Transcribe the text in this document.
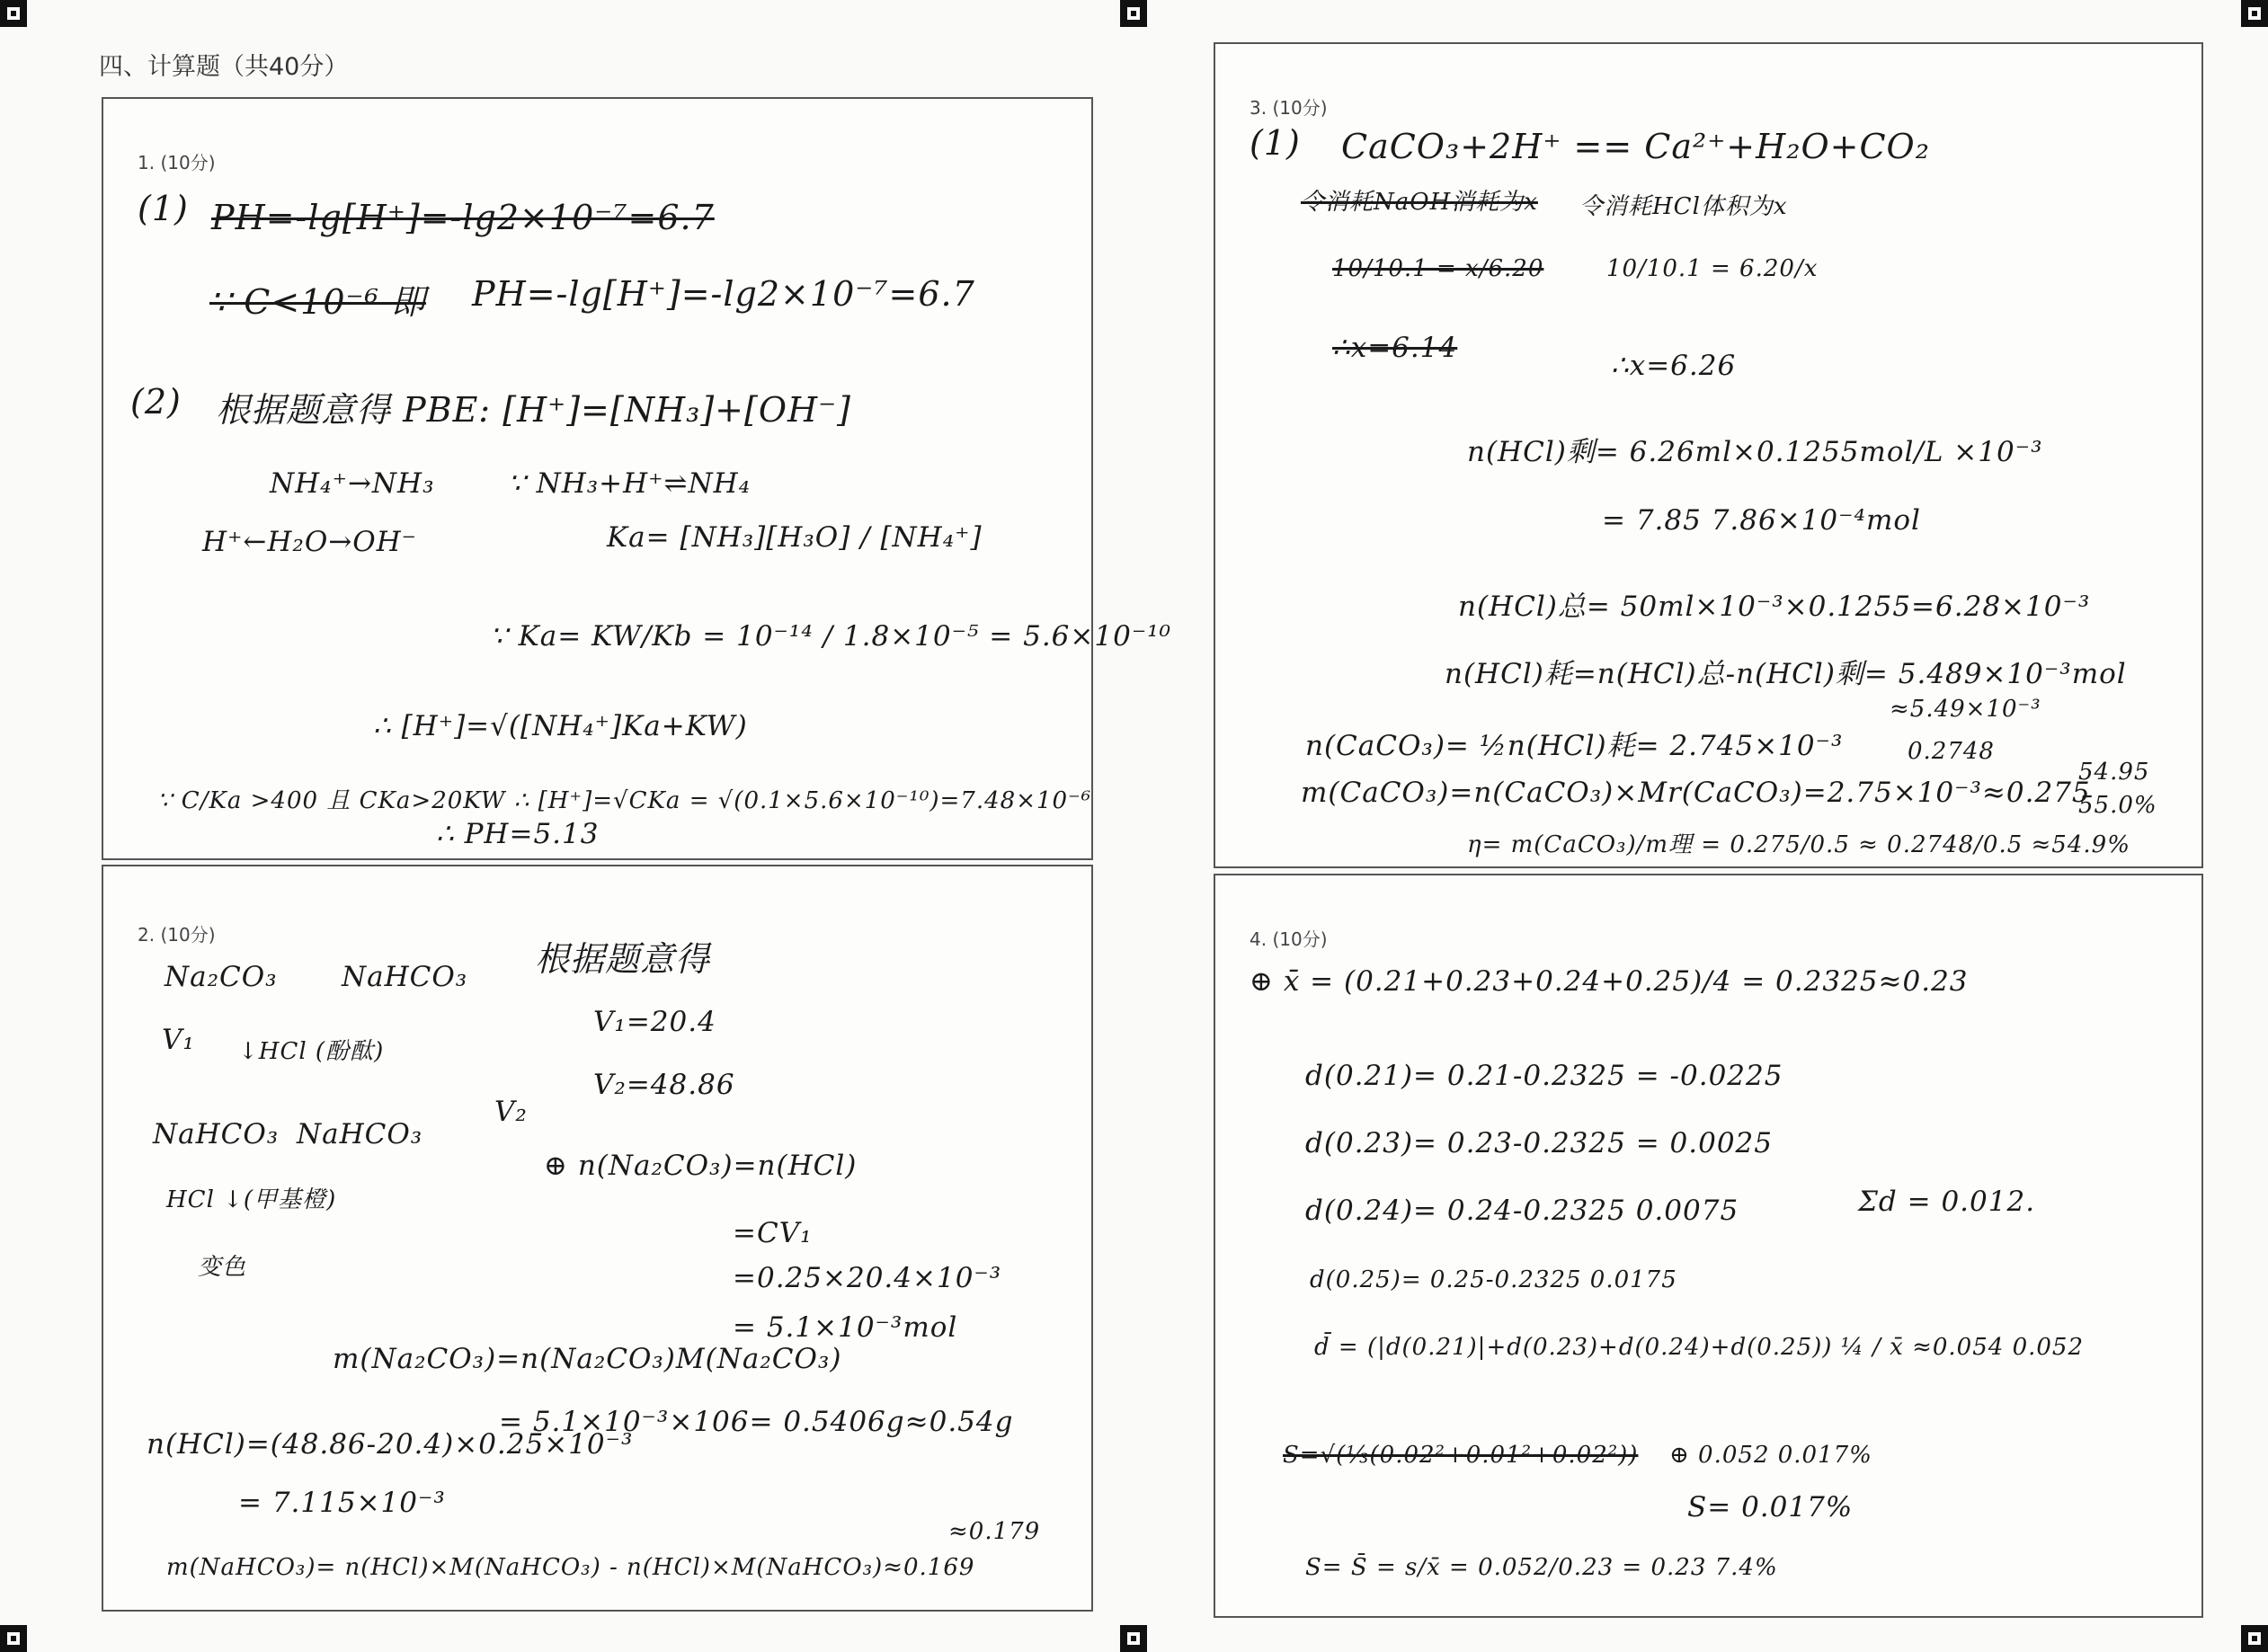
四、计算题（共40分）
1. (10分)
(1) PH=-lg[H⁺]=-lg2×10⁻⁷=6.7
∵ C<10⁻⁶ 即 PH=-lg[H⁺]=-lg2×10⁻⁷=6.7
(2) 根据题意得 PBE: [H⁺]=[NH₃]+[OH⁻]
NH₄⁺→NH₃	∵ NH₃+H⁺⇌NH₄
H⁺←H₂O→OH⁻	Ka= [NH₃][H₃O] / [NH₄⁺]
∵ Ka= KW/Kb = 10⁻¹⁴ / 1.8×10⁻⁵ = 5.6×10⁻¹⁰
∴ [H⁺]=√([NH₄⁺]Ka+KW)
∵ C/Ka >400 且 CKa>20KW ∴ [H⁺]=√CKa = √(0.1×5.6×10⁻¹⁰)=7.48×10⁻⁶
∴ PH=5.13
2. (10分)
Na₂CO₃ NaHCO₃ 根据题意得
V₁ ↓HCl (酚酞)
V₁=20.4
V₂
V₂=48.86
NaHCO₃ NaHCO₃
HCl ↓(甲基橙)
⊕ n(Na₂CO₃)=n(HCl)
变色
=CV₁
=0.25×20.4×10⁻³
= 5.1×10⁻³mol
m(Na₂CO₃)=n(Na₂CO₃)M(Na₂CO₃)
= 5.1×10⁻³×106= 0.5406g≈0.54g
n(HCl)=(48.86-20.4)×0.25×10⁻³
= 7.115×10⁻³
m(NaHCO₃)= n(HCl)×M(NaHCO₃) - n(HCl)×M(NaHCO₃)≈0.169
≈0.179
3. (10分)
(1) CaCO₃+2H⁺ == Ca²⁺+H₂O+CO₂
令消耗NaOH消耗为x 令消耗HCl体积为x
10/10.1 = x/6.20	10/10.1 = 6.20/x
∴x=6.14
∴x=6.26
n(HCl)剩= 6.26ml×0.1255mol/L ×10⁻³
= 7.85 7.86×10⁻⁴mol
n(HCl)总= 50ml×10⁻³×0.1255=6.28×10⁻³
n(HCl)耗=n(HCl)总-n(HCl)剩= 5.489×10⁻³mol
n(CaCO₃)= ½n(HCl)耗= 2.745×10⁻³
≈5.49×10⁻³
0.2748
m(CaCO₃)=n(CaCO₃)×Mr(CaCO₃)=2.75×10⁻³≈0.275
54.95
55.0%
η= m(CaCO₃)/m理 = 0.275/0.5 ≈ 0.2748/0.5 ≈54.9%
4. (10分)
⊕ x̄ = (0.21+0.23+0.24+0.25)/4 = 0.2325≈0.23
d(0.21)= 0.21-0.2325 = -0.0225
d(0.23)= 0.23-0.2325 = 0.0025
d(0.24)= 0.24-0.2325 0.0075	Σd = 0.012.
d(0.25)= 0.25-0.2325 0.0175
d̄ = (|d(0.21)|+d(0.23)+d(0.24)+d(0.25)) ¼ / x̄ ≈0.054 0.052
S=√(⅓(0.02²+0.01²+0.02²)) ⊕ 0.052 0.017%
S= 0.017%
S= S̄ = s/x̄ = 0.052/0.23 = 0.23 7.4%
